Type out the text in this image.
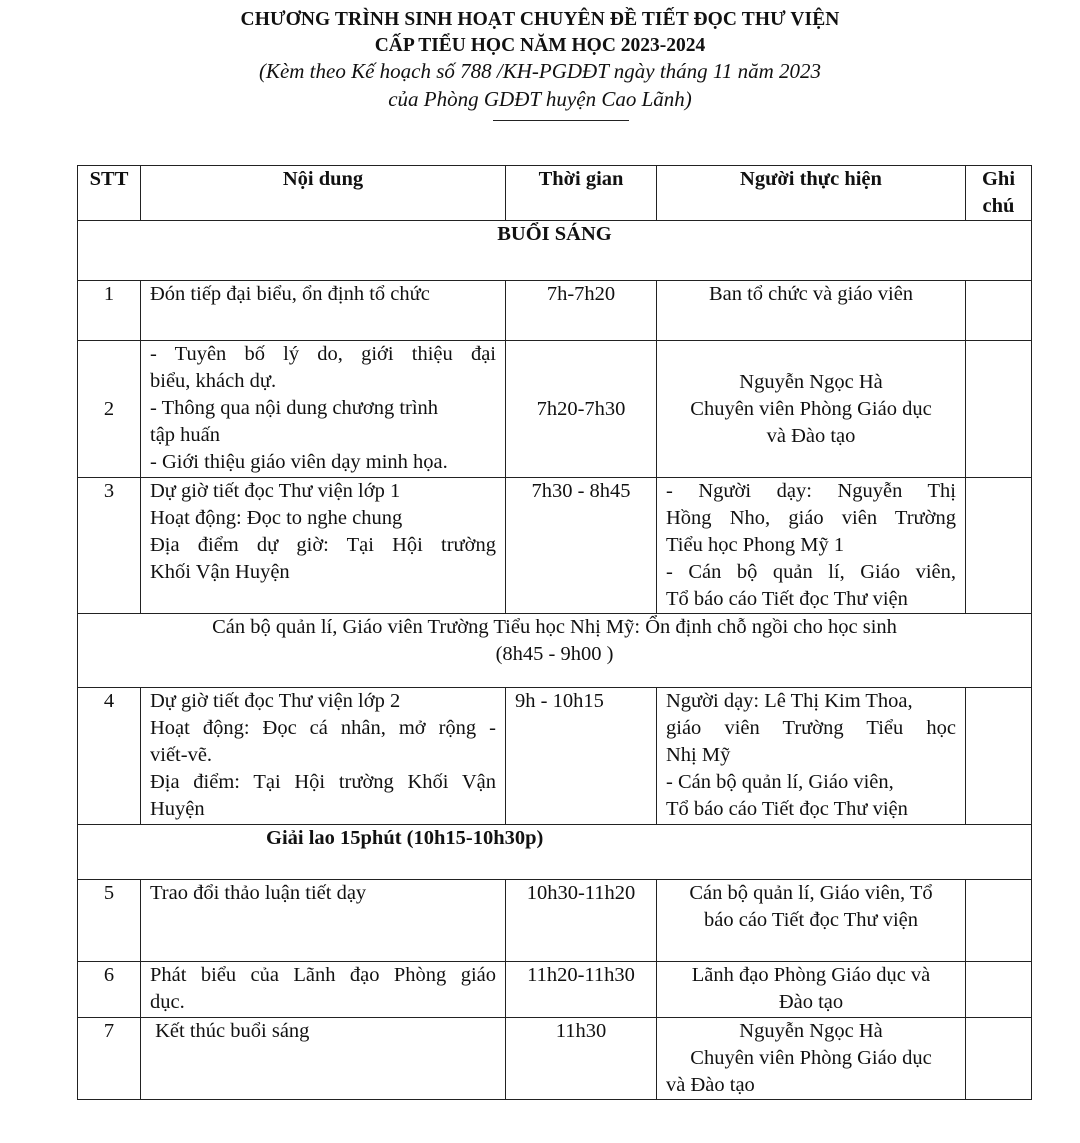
CHƯƠNG TRÌNH SINH HOẠT CHUYÊN ĐỀ TIẾT ĐỌC THƯ VIỆN
CẤP TIỂU HỌC NĂM HỌC 2023-2024
(Kèm theo Kế hoạch số 788 /KH-PGDĐT ngày tháng 11 năm 2023
của Phòng GDĐT huyện Cao Lãnh)
STT	Nội dung	Thời gian	Người thực hiện	Ghi
chú

BUỔI SÁNG				
1	Đón tiếp đại biểu, ổn định tổ chức	7h-7h20	Ban tổ chức và giáo viên	

2	- Tuyên bố lý do, giới thiệu đại
biểu, khách dự.
- Thông qua nội dung chương trình
tập huấn
- Giới thiệu giáo viên dạy minh họa.	7h20-7h30	Nguyễn Ngọc Hà
Chuyên viên Phòng Giáo dục
và Đào tạo	

3	Dự giờ tiết đọc Thư viện lớp 1
Hoạt động: Đọc to nghe chung
Địa điểm dự giờ: Tại Hội trường
Khối Vận Huyện	7h30 - 8h45	- Người dạy: Nguyễn Thị
Hồng Nho, giáo viên Trường
Tiểu học Phong Mỹ 1
- Cán bộ quản lí, Giáo viên,
Tổ báo cáo Tiết đọc Thư viện	

Cán bộ quản lí, Giáo viên Trường Tiểu học Nhị Mỹ: Ổn định chỗ ngồi cho học sinh
(8h45 - 9h00 )				

4	Dự giờ tiết đọc Thư viện lớp 2
Hoạt động: Đọc cá nhân, mở rộng -
viết-vẽ.
Địa điểm: Tại Hội trường Khối Vận
Huyện	9h - 10h15	Người dạy: Lê Thị Kim Thoa,
giáo viên Trường Tiểu học
Nhị Mỹ
- Cán bộ quản lí, Giáo viên,
Tổ báo cáo Tiết đọc Thư viện	

Giải lao 15phút (10h15-10h30p)				
5	Trao đổi thảo luận tiết dạy	10h30-11h20	Cán bộ quản lí, Giáo viên, Tổ
báo cáo Tiết đọc Thư viện	

6	Phát biểu của Lãnh đạo Phòng giáo
dục.	11h20-11h30	Lãnh đạo Phòng Giáo dục và
Đào tạo	

7	Kết thúc buổi sáng	11h30	Nguyễn Ngọc Hà
Chuyên viên Phòng Giáo dục
và Đào tạo	
